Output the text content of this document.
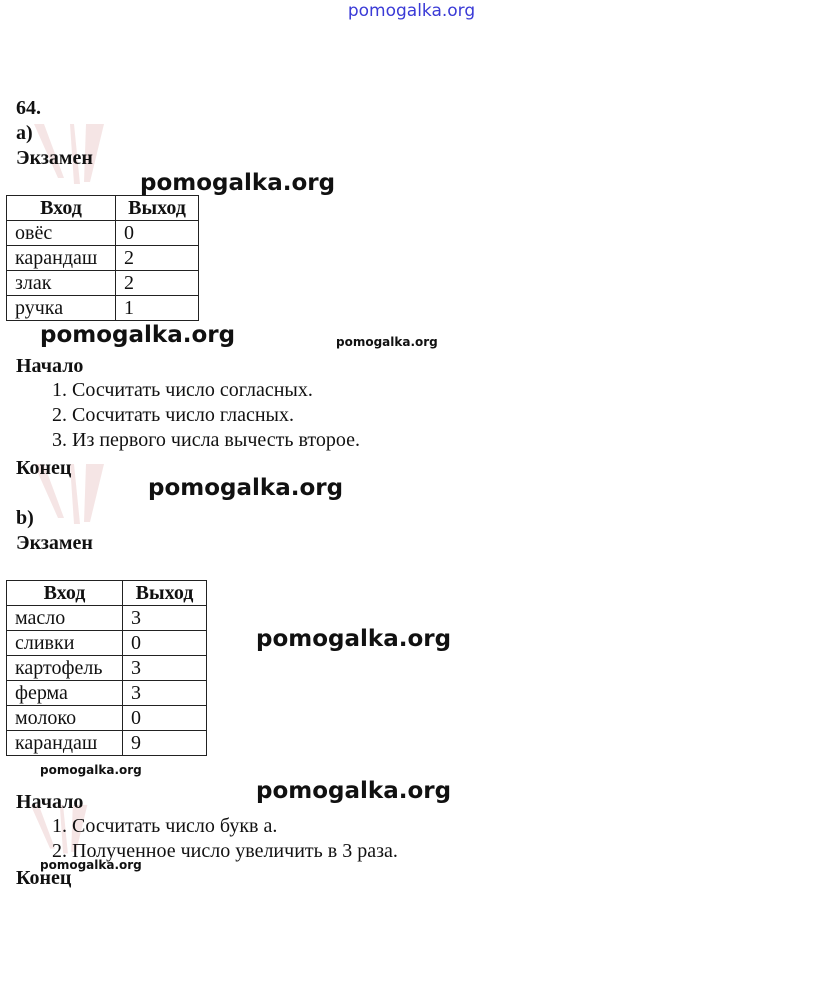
pomogalka.org
64.
а)
Экзамен
pomogalka.org
Вход	Выход
овёс	0
карандаш	2
злак	2
ручка	1
pomogalka.org	pomogalka.org
Начало
1. Сосчитать число согласных.
2. Сосчитать число гласных.
3. Из первого числа вычесть второе.
Конец
pomogalka.org
b)
Экзамен
Вход	Выход
масло	3
сливки	0
картофель	3
ферма	3
молоко	0
карандаш	9
pomogalka.org
pomogalka.org
pomogalka.org
Начало
1. Сосчитать число букв а.
2. Полученное число увеличить в 3 раза.
pomogalka.org
Конец
